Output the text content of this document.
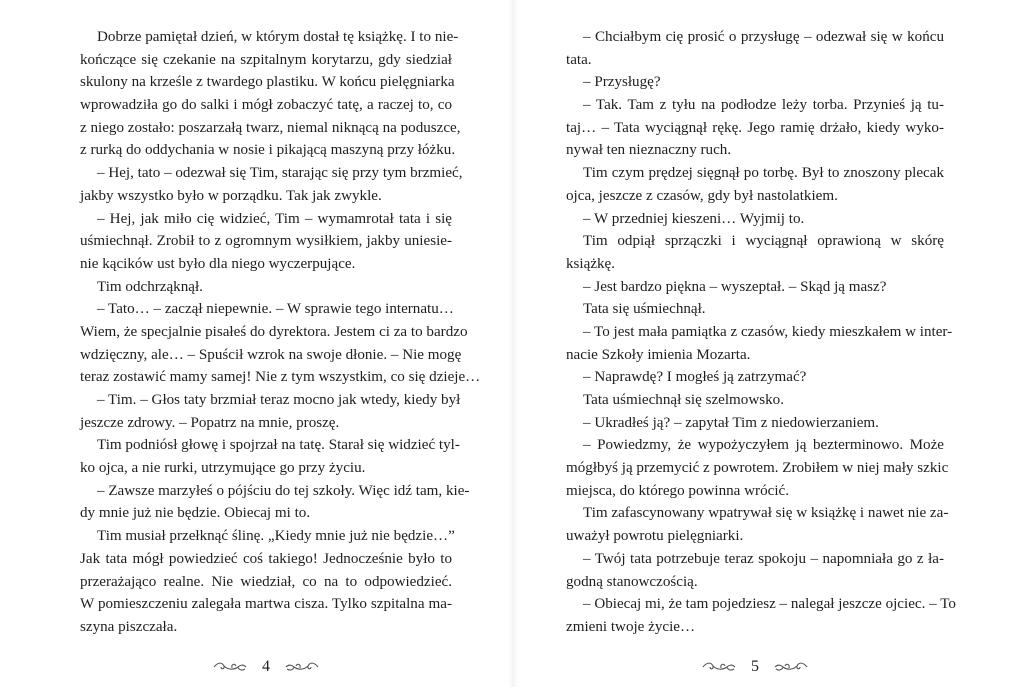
Dobrze pamiętał dzień, w którym dostał tę książkę. I to nie-
kończące się czekanie na szpitalnym korytarzu, gdy siedział
skulony na krześle z twardego plastiku. W końcu pielęgniarka
wprowadziła go do salki i mógł zobaczyć tatę, a raczej to, co
z niego zostało: poszarzałą twarz, niemal niknącą na poduszce,
z rurką do oddychania w nosie i pikającą maszyną przy łóżku.
– Hej, tato – odezwał się Tim, starając się przy tym brzmieć,
jakby wszystko było w porządku. Tak jak zwykle.
– Hej, jak miło cię widzieć, Tim – wymamrotał tata i się
uśmiechnął. Zrobił to z ogromnym wysiłkiem, jakby uniesie-
nie kącików ust było dla niego wyczerpujące.
Tim odchrząknął.
– Tato… – zaczął niepewnie. – W sprawie tego internatu…
Wiem, że specjalnie pisałeś do dyrektora. Jestem ci za to bardzo
wdzięczny, ale… – Spuścił wzrok na swoje dłonie. – Nie mogę
teraz zostawić mamy samej! Nie z tym wszystkim, co się dzieje…
– Tim. – Głos taty brzmiał teraz mocno jak wtedy, kiedy był
jeszcze zdrowy. – Popatrz na mnie, proszę.
Tim podniósł głowę i spojrzał na tatę. Starał się widzieć tyl-
ko ojca, a nie rurki, utrzymujące go przy życiu.
– Zawsze marzyłeś o pójściu do tej szkoły. Więc idź tam, kie-
dy mnie już nie będzie. Obiecaj mi to.
Tim musiał przełknąć ślinę. „Kiedy mnie już nie będzie…”
Jak tata mógł powiedzieć coś takiego! Jednocześnie było to
przerażająco realne. Nie wiedział, co na to odpowiedzieć.
W pomieszczeniu zalegała martwa cisza. Tylko szpitalna ma-
szyna piszczała.
4
– Chciałbym cię prosić o przysługę – odezwał się w końcu
tata.
– Przysługę?
– Tak. Tam z tyłu na podłodze leży torba. Przynieś ją tu-
taj… – Tata wyciągnął rękę. Jego ramię drżało, kiedy wyko-
nywał ten nieznaczny ruch.
Tim czym prędzej sięgnął po torbę. Był to znoszony plecak
ojca, jeszcze z czasów, gdy był nastolatkiem.
– W przedniej kieszeni… Wyjmij to.
Tim odpiął sprzączki i wyciągnął oprawioną w skórę
książkę.
– Jest bardzo piękna – wyszeptał. – Skąd ją masz?
Tata się uśmiechnął.
– To jest mała pamiątka z czasów, kiedy mieszkałem w inter-
nacie Szkoły imienia Mozarta.
– Naprawdę? I mogłeś ją zatrzymać?
Tata uśmiechnął się szelmowsko.
– Ukradłeś ją? – zapytał Tim z niedowierzaniem.
– Powiedzmy, że wypożyczyłem ją bezterminowo. Może
mógłbyś ją przemycić z powrotem. Zrobiłem w niej mały szkic
miejsca, do którego powinna wrócić.
Tim zafascynowany wpatrywał się w książkę i nawet nie za-
uważył powrotu pielęgniarki.
– Twój tata potrzebuje teraz spokoju – napomniała go z ła-
godną stanowczością.
– Obiecaj mi, że tam pojedziesz – nalegał jeszcze ojciec. – To
zmieni twoje życie…
5
